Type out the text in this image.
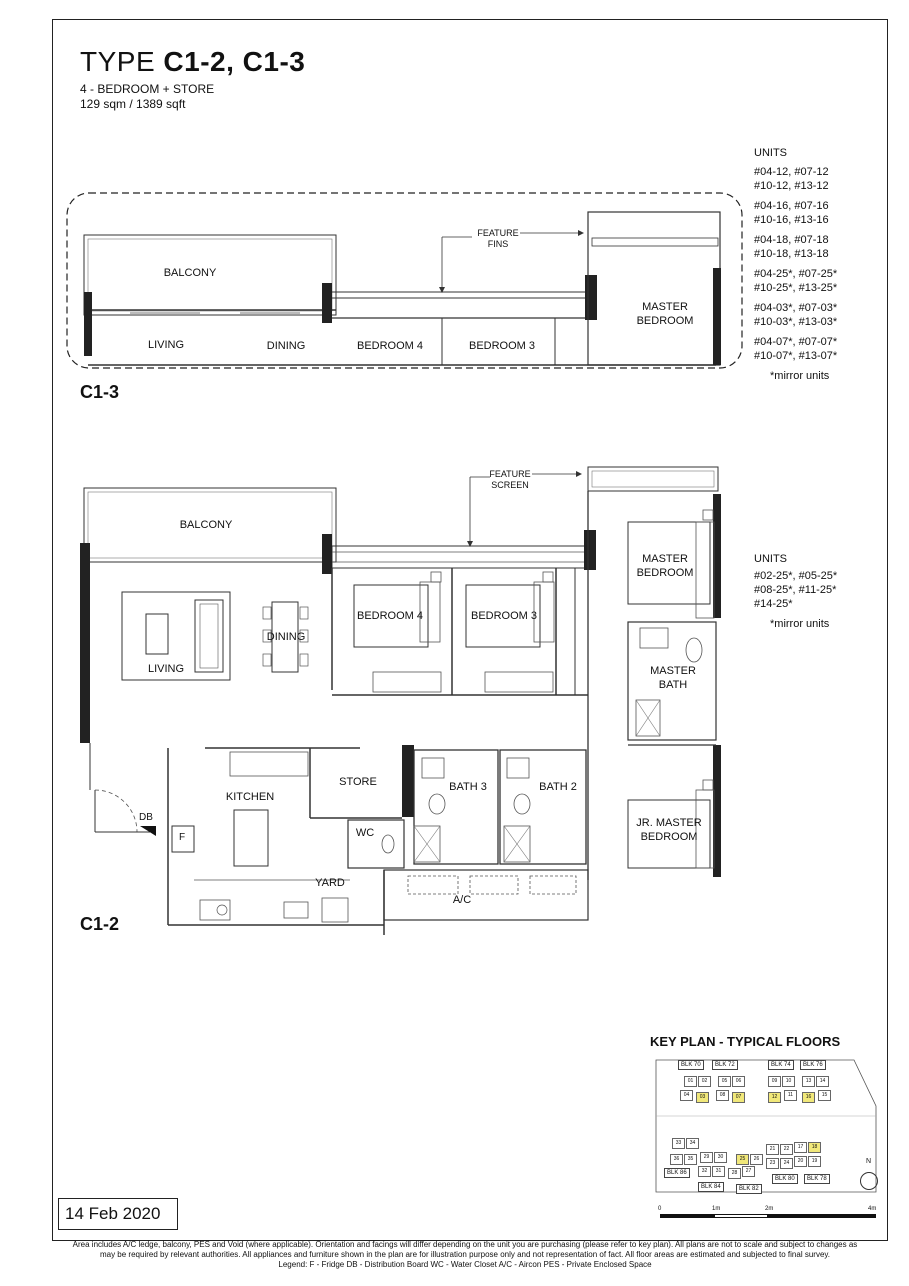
TYPE C1-2, C1-3
4 - BEDROOM + STORE
129 sqm / 1389 sqft
UNITS
#04-12, #07-12
#10-12, #13-12
#04-16, #07-16
#10-16, #13-16
#04-18, #07-18
#10-18, #13-18
#04-25*, #07-25*
#10-25*, #13-25*
#04-03*, #07-03*
#10-03*, #13-03*
#04-07*, #07-07*
#10-07*, #13-07*
*mirror units
UNITS
#02-25*, #05-25*
#08-25*, #11-25*
#14-25*
*mirror units
C1-3
BALCONY
LIVING	DINING	BEDROOM 4	BEDROOM 3
MASTER
BEDROOM
FEATURE
FINS
C1-2
BALCONY
LIVING
DINING
BEDROOM 4	BEDROOM 3
MASTER
BEDROOM
MASTER
BATH
KITCHEN
STORE	BATH 3	BATH 2
JR. MASTER
BEDROOM
WC
YARD
A/C
DB
F
FEATURE
SCREEN
KEY PLAN - TYPICAL FLOORS
BLK 70	BLK 72	BLK 74	BLK 76
01	02	05	06
04	03	08	07
09	10	13	14
12	11	16	15
33	34
36	35	29	30
32	31	28	27
25	26
21	22	17	18
23	24	20	19
BLK 86
BLK 84	BLK 82
BLK 80	BLK 78
N
0	1m	2m	4m
14 Feb 2020
Area includes A/C ledge, balcony, PES and Void (where applicable). Orientation and facings will differ depending on the unit you are purchasing (please refer to key plan). All plans are not to scale and subject to changes as
may be required by relevant authorities. All appliances and furniture shown in the plan are for illustration purpose only and not representation of fact. All floor areas are estimated and subjected to final survey.
Legend: F - Fridge DB - Distribution Board WC - Water Closet A/C - Aircon PES - Private Enclosed Space
